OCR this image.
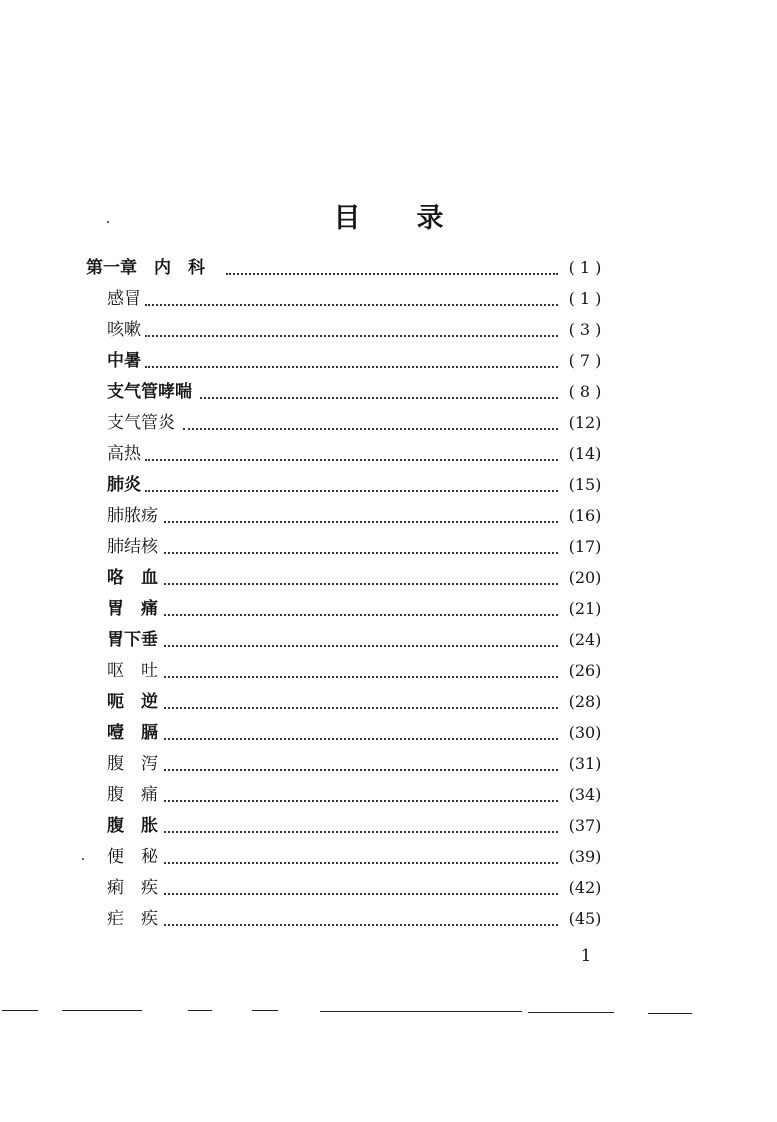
目 录
第一章　内　科	( 1 )
感冒	( 1 )
咳嗽	( 3 )
中暑	( 7 )
支气管哮喘	( 8 )
支气管炎	(12)
高热	(14)
肺炎	(15)
肺脓疡	(16)
肺结核	(17)
咯　血	(20)
胃　痛	(21)
胃下垂	(24)
呕　吐	(26)
呃　逆	(28)
噎　膈	(30)
腹　泻	(31)
腹　痛	(34)
腹　胀	(37)
便　秘	(39)
痢　疾	(42)
疟　疾	(45)
1
